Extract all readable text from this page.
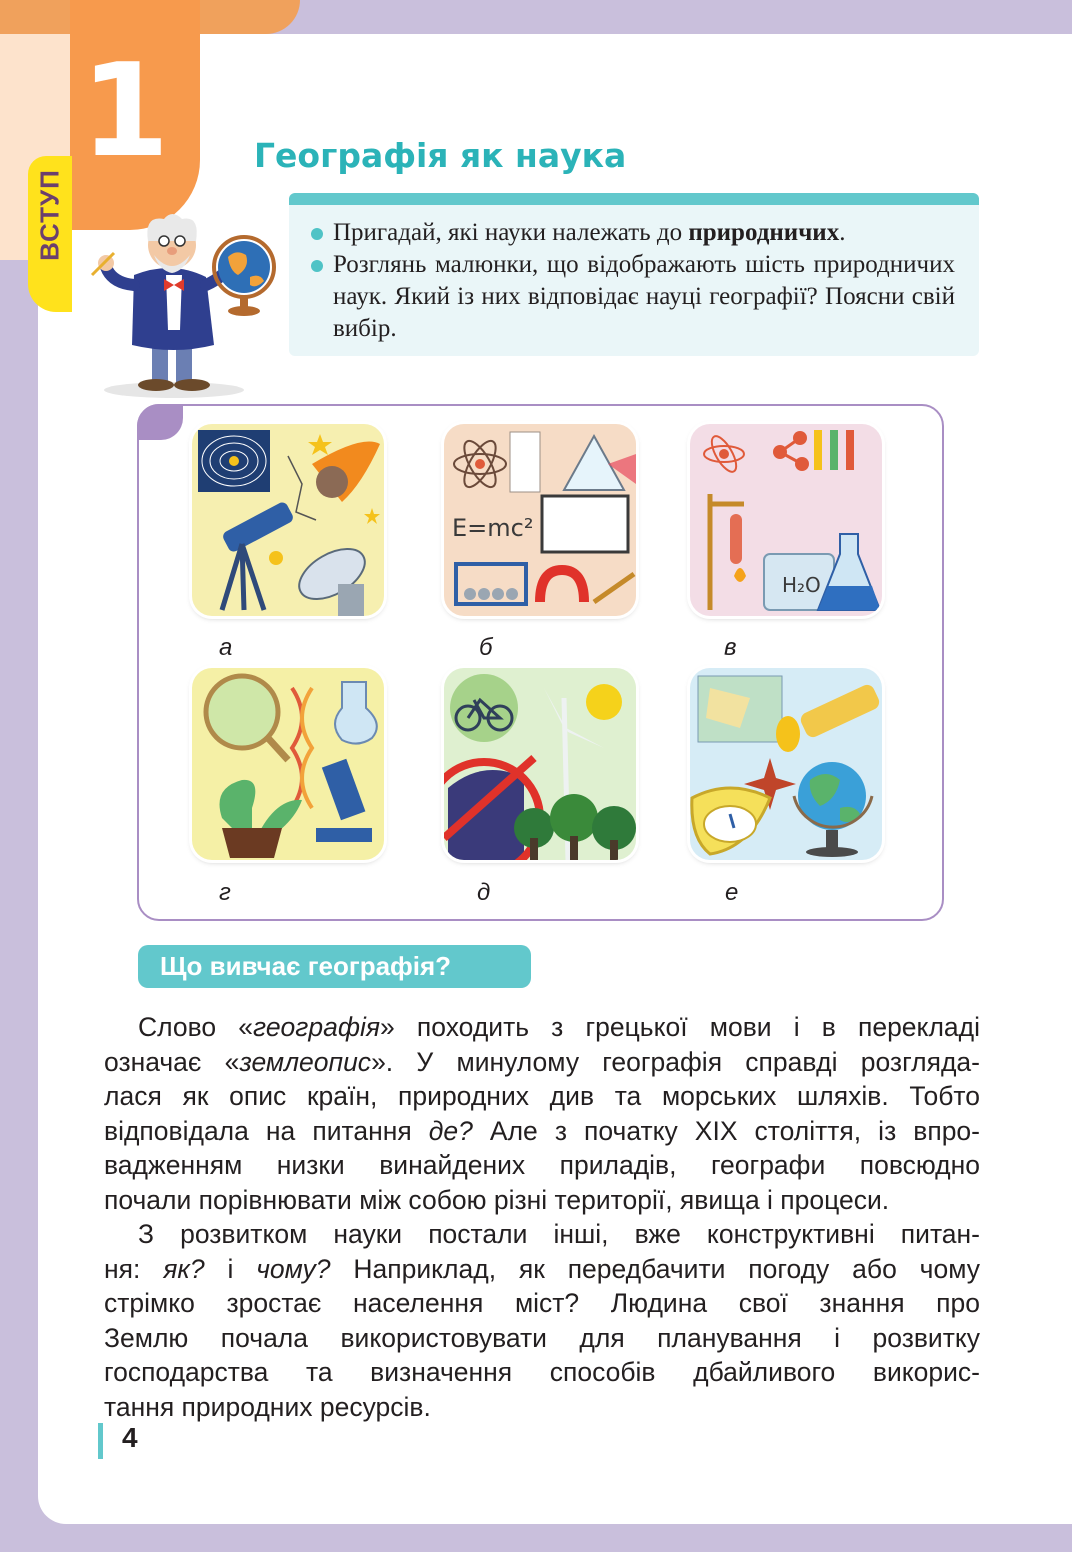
1
ВСТУП
Географія як наука
Пригадай, які науки належать до природничих.
Розглянь малюнки, що відображають шість природничих наук. Який із них відповідає науці географії? Поясни свій вибір.
E=mc²
H₂O
а	б	в
г	д	е
Що вивчає географія?
Слово «географія» походить з грецької мови і в перекладі
означає «землеопис». У минулому географія справді розгляда-
лася як опис країн, природних див та морських шляхів. Тобто
відповідала на питання де? Але з початку XIX століття, із впро-
вадженням низки винайдених приладів, географи повсюдно
почали порівнювати між собою різні території, явища і процеси.
З розвитком науки постали інші, вже конструктивні питан-
ня: як? і чому? Наприклад, як передбачити погоду або чому
стрімко зростає населення міст? Людина свої знання про
Землю почала використовувати для планування і розвитку
господарства та визначення способів дбайливого викорис-
тання природних ресурсів.
4
